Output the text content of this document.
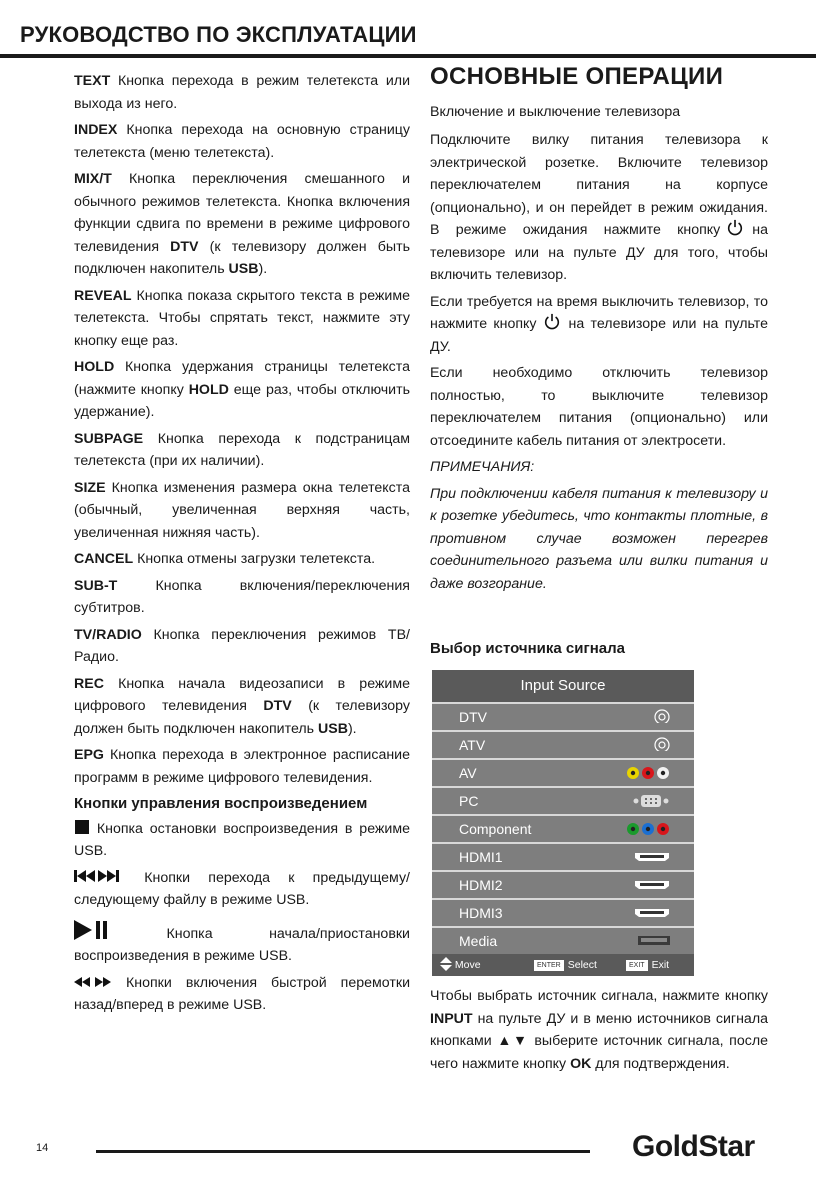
РУКОВОДСТВО ПО ЭКСПЛУАТАЦИИ

TEXT Кнопка перехода в режим телетекста или выхода из него.

INDEX Кнопка перехода на основную страницу телетекста (меню телетекста).

MIX/T Кнопка переключения смешанного и обычного режимов телетекста. Кнопка включения функции сдвига по времени в режиме цифрового телевидения DTV (к телевизору должен быть подключен накопитель USB).

REVEAL Кнопка показа скрытого текста в режиме телетекста. Чтобы спрятать текст, нажмите эту кнопку еще раз.

HOLD Кнопка удержания страницы телетекста (нажмите кнопку HOLD еще раз, чтобы отключить удержание).

SUBPAGE Кнопка перехода к подстраницам телетекста (при их наличии).

SIZE Кнопка изменения размера окна телетекста (обычный, увеличенная верхняя часть, увеличенная нижняя часть).

CANCEL Кнопка отмены загрузки телетекста.

SUB-T Кнопка включения/переключения субтитров.

TV/RADIO Кнопка переключения режимов ТВ/Радио.

REC Кнопка начала видеозаписи в режиме цифрового телевидения DTV (к телевизору должен быть подключен накопитель USB).

EPG Кнопка перехода в электронное расписание программ в режиме цифрового телевидения.

Кнопки управления воспроизведением

Кнопка остановки воспроизведения в режиме USB.

Кнопки перехода к предыдущему/следующему файлу в режиме USB.

Кнопка начала/приостановки воспроизведения в режиме USB.

Кнопки включения быстрой перемотки назад/вперед в режиме USB.

ОСНОВНЫЕ ОПЕРАЦИИ

Включение и выключение телевизора

Подключите вилку питания телевизора к электрической розетке. Включите телевизор переключателем питания на корпусе (опционально), и он перейдет в режим ожидания. В режиме ожидания нажмите кнопку на телевизоре или на пульте ДУ для того, чтобы включить телевизор.

Если требуется на время выключить телевизор, то нажмите кнопку на телевизоре или на пульте ДУ.

Если необходимо отключить телевизор полностью, то выключите телевизор переключателем питания (опционально) или отсоедините кабель питания от электросети.

ПРИМЕЧАНИЯ:

При подключении кабеля питания к телевизору и к розетке убедитесь, что контакты плотные, в противном случае возможен перегрев соединительного разъема или вилки питания и даже возгорание.

Выбор источника сигнала
Input Source
DTV
ATV
AV
PC
Component
HDMI1
HDMI2
HDMI3
Media
Move	ENTER Select	EXIT Exit
Чтобы выбрать источник сигнала, нажмите кнопку INPUT на пульте ДУ и в меню источников сигнала кнопками ▲▼ выберите источник сигнала, после чего нажмите кнопку OK для подтверждения.
14	GoldStar
